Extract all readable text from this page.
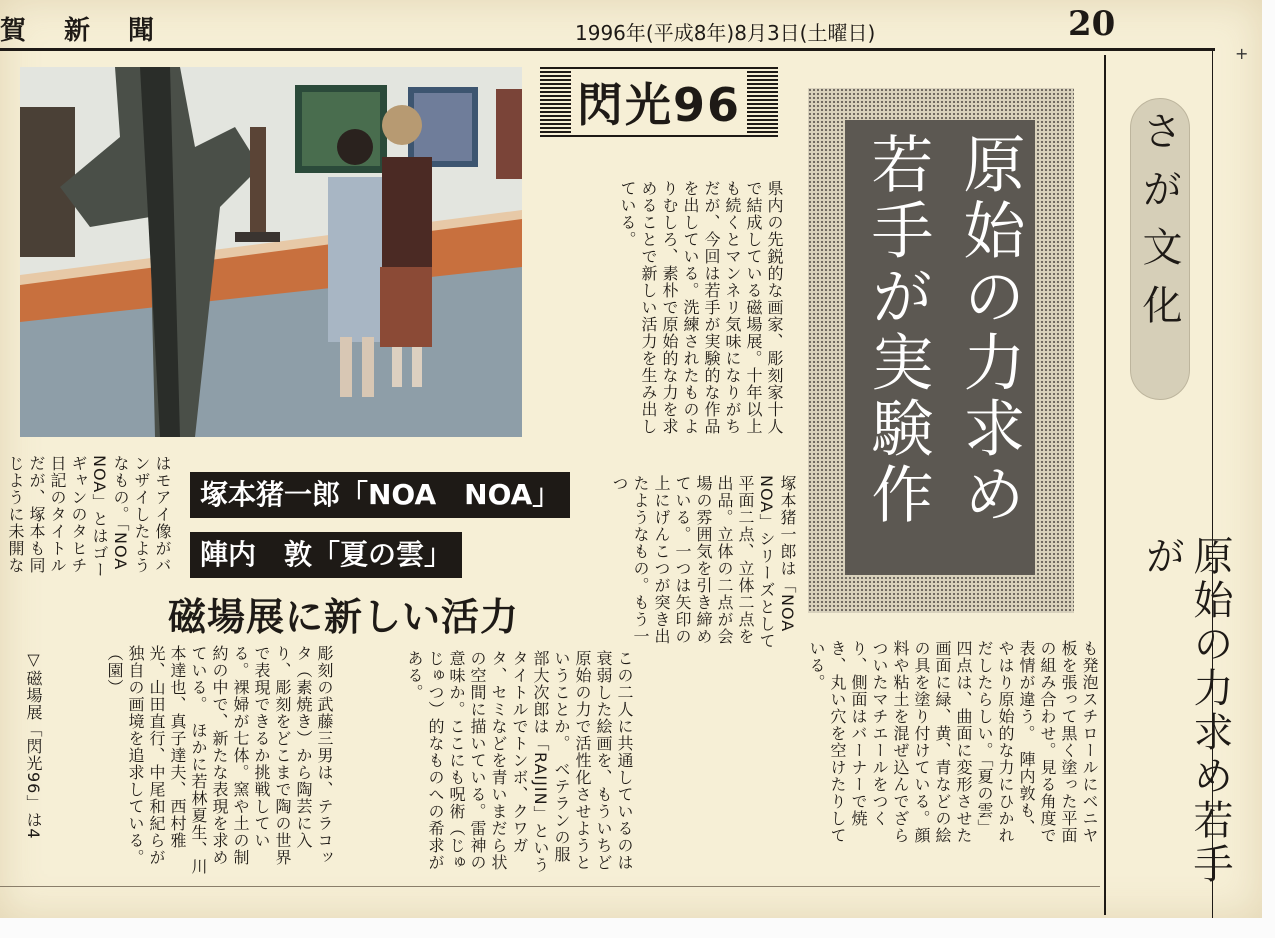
+
賀新聞	1996年(平成8年)8月3日(土曜日)	20
閃光96
県内の先鋭的な画家、彫刻家十人で結成している磁場展。十年以上も続くとマンネリ気味になりがちだが、今回は若手が実験的な作品を出している。洗練されたものよりむしろ、素朴で原始的な力を求めることで新しい活力を生み出している。	原始の力求め若手が実験作	さが文化
原始の力求め若手が
塚本猪一郎「NOA　NOA」
陣内　敦「夏の雲」
磁場展に新しい活力	塚本猪一郎は「NOA NOA」シリーズとして平面二点、立体二点を出品。立体の二点が会場の雰囲気を引き締めている。一つは矢印の上にげんこつが突き出たようなもの。もう一つ
はモアイ像がバンザイしたようなもの。「NOA NOA」とはゴーギャンのタヒチ日記のタイトルだが、塚本も同じように未開な
も発泡スチロールにベニヤ板を張って黒く塗った平面の組み合わせ。見る角度で表情が違う。　陣内敦も、やはり原始的な力にひかれだしたらしい。「夏の雲」四点は、曲面に変形させた画面に緑、黄、青などの絵の具を塗り付けている。顔料や粘土を混ぜ込んでざらついたマチエールをつくり、側面はバーナーで焼き、丸い穴を空けたりしている。
この二人に共通しているのは衰弱した絵画を、もういちど原始の力で活性化させようということか。　ベテランの服部大次郎は「RAIJIN」というタイトルでトンボ、クワガタ、セミなどを青いまだら状の空間に描いている。雷神の意味か。ここにも呪術（じゅじゅつ）的なものへの希求がある。
彫刻の武藤三男は、テラコッタ（素焼き）から陶芸に入り、彫刻をどこまで陶の世界で表現できるか挑戦している。裸婦が七体。窯や土の制約の中で、新たな表現を求めている。　ほかに若林夏生、川本達也、真子達夫、西村雅光、山田直行、中尾和紀らが独自の画境を追求している。（園）
▽磁場展「閃光96」は4
